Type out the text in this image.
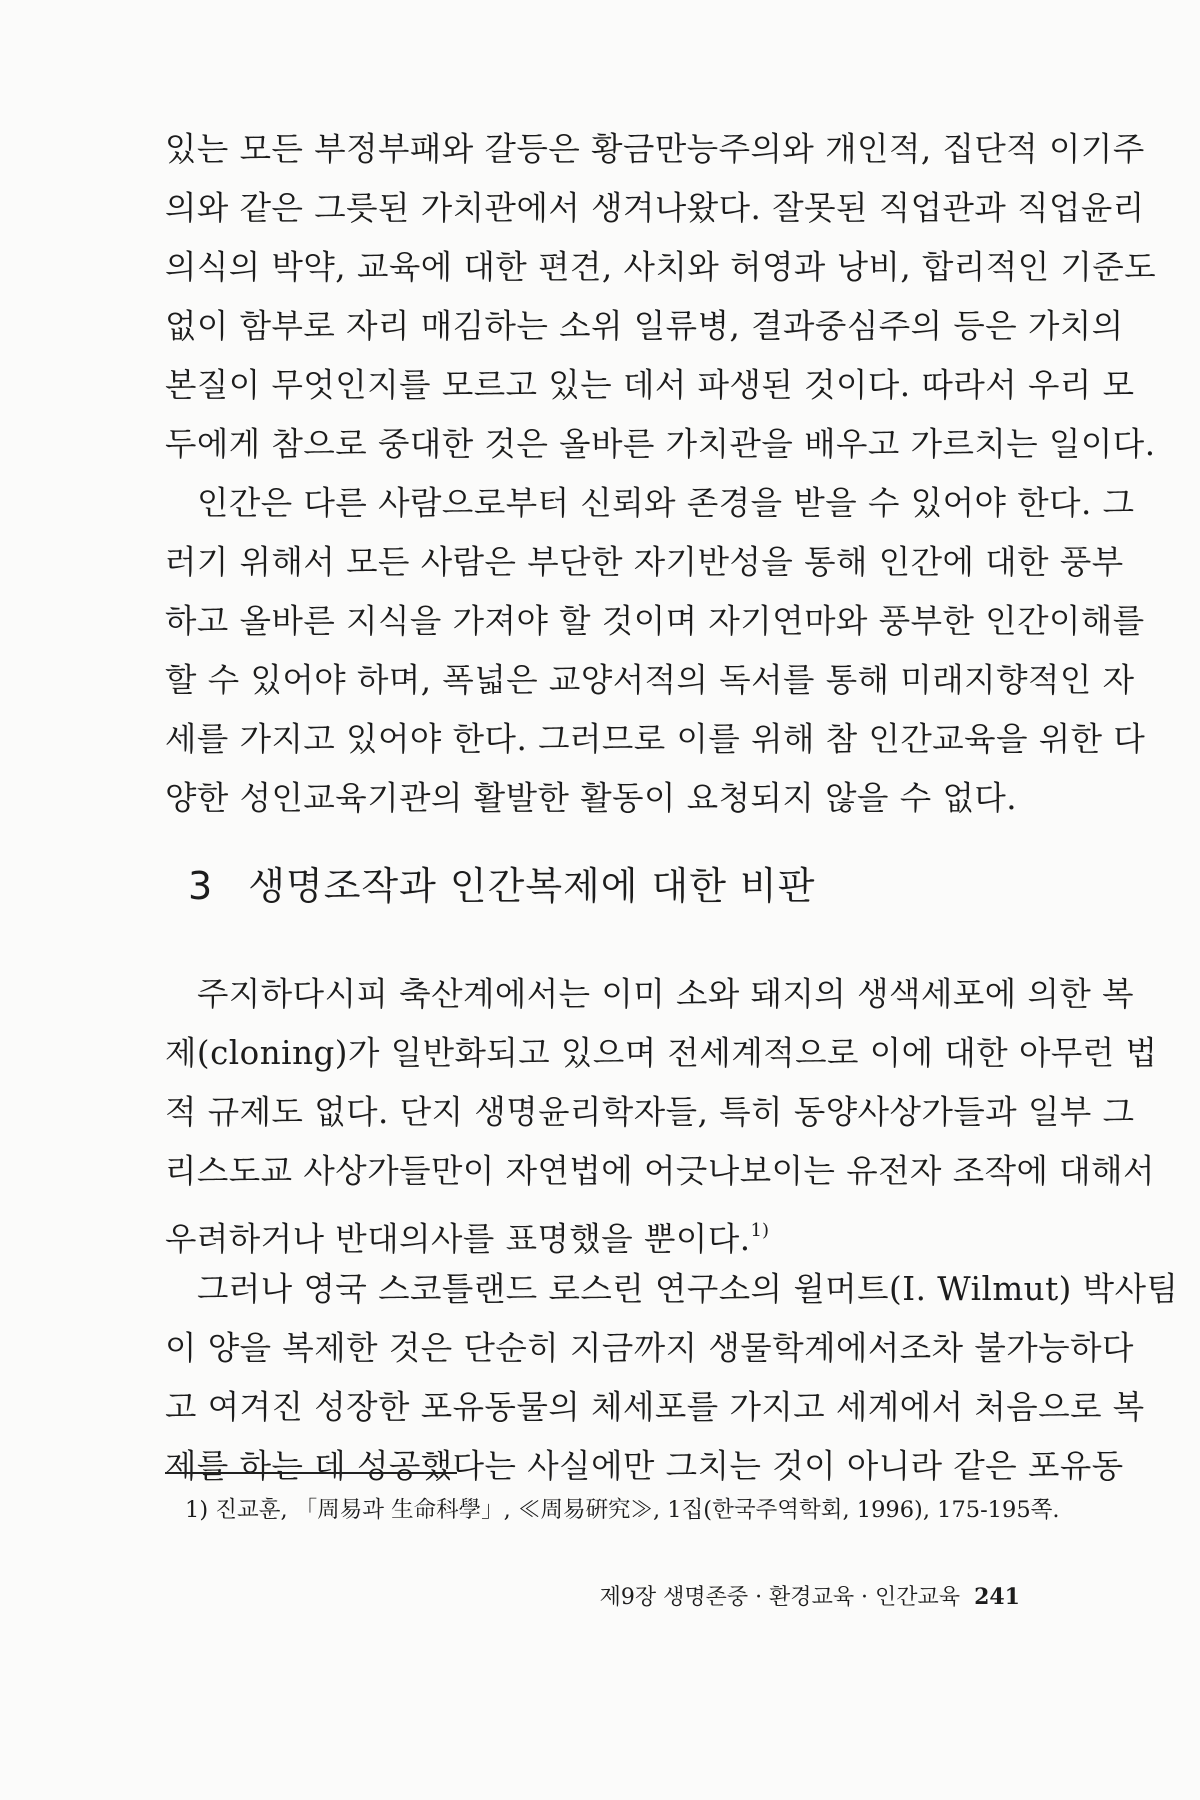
있는 모든 부정부패와 갈등은 황금만능주의와 개인적, 집단적 이기주
의와 같은 그릇된 가치관에서 생겨나왔다. 잘못된 직업관과 직업윤리
의식의 박약, 교육에 대한 편견, 사치와 허영과 낭비, 합리적인 기준도
없이 함부로 자리 매김하는 소위 일류병, 결과중심주의 등은 가치의
본질이 무엇인지를 모르고 있는 데서 파생된 것이다. 따라서 우리 모
두에게 참으로 중대한 것은 올바른 가치관을 배우고 가르치는 일이다.
인간은 다른 사람으로부터 신뢰와 존경을 받을 수 있어야 한다. 그
러기 위해서 모든 사람은 부단한 자기반성을 통해 인간에 대한 풍부
하고 올바른 지식을 가져야 할 것이며 자기연마와 풍부한 인간이해를
할 수 있어야 하며, 폭넓은 교양서적의 독서를 통해 미래지향적인 자
세를 가지고 있어야 한다. 그러므로 이를 위해 참 인간교육을 위한 다
양한 성인교육기관의 활발한 활동이 요청되지 않을 수 없다.
3 생명조작과 인간복제에 대한 비판
주지하다시피 축산계에서는 이미 소와 돼지의 생색세포에 의한 복
제(cloning)가 일반화되고 있으며 전세계적으로 이에 대한 아무런 법
적 규제도 없다. 단지 생명윤리학자들, 특히 동양사상가들과 일부 그
리스도교 사상가들만이 자연법에 어긋나보이는 유전자 조작에 대해서
우려하거나 반대의사를 표명했을 뿐이다.$^{1)}$
그러나 영국 스코틀랜드 로스린 연구소의 윌머트(I. Wilmut) 박사팀
이 양을 복제한 것은 단순히 지금까지 생물학계에서조차 불가능하다
고 여겨진 성장한 포유동물의 체세포를 가지고 세계에서 처음으로 복
제를 하는 데 성공했다는 사실에만 그치는 것이 아니라 같은 포유동
1) 진교훈, 「周易과 生命科學」, ≪周易硏究≫, 1집(한국주역학회, 1996), 175-195쪽.
제9장 생명존중 · 환경교육 · 인간교육 241
